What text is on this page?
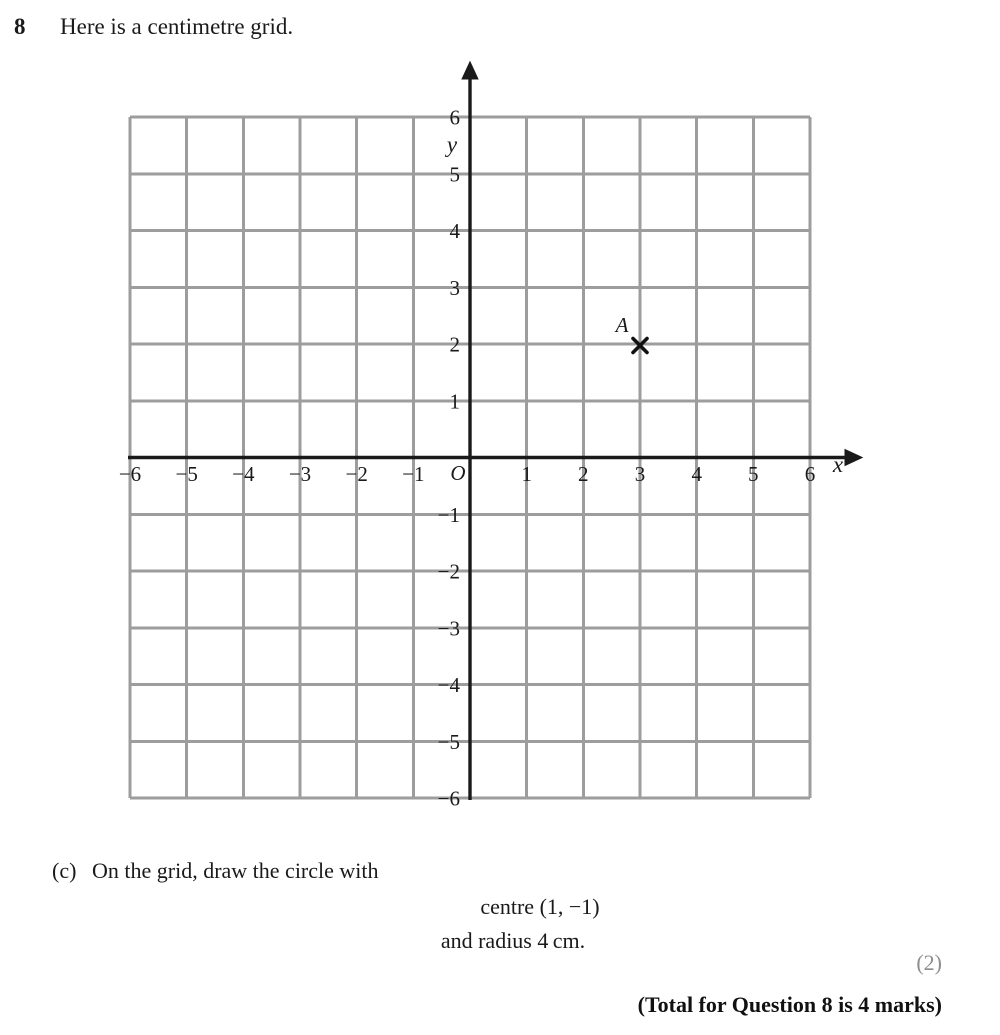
8 Here is a centimetre grid.
x
y
O
−6 −5 −4 −3 −2 −1	1 2 3 4 5 6
6
5
4
3
2
1
−1
−2
−3
−4
−5
−6
A
(c) On the grid, draw the circle with
centre (1, −1)
and radius 4 cm.
(2)
(Total for Question 8 is 4 marks)
